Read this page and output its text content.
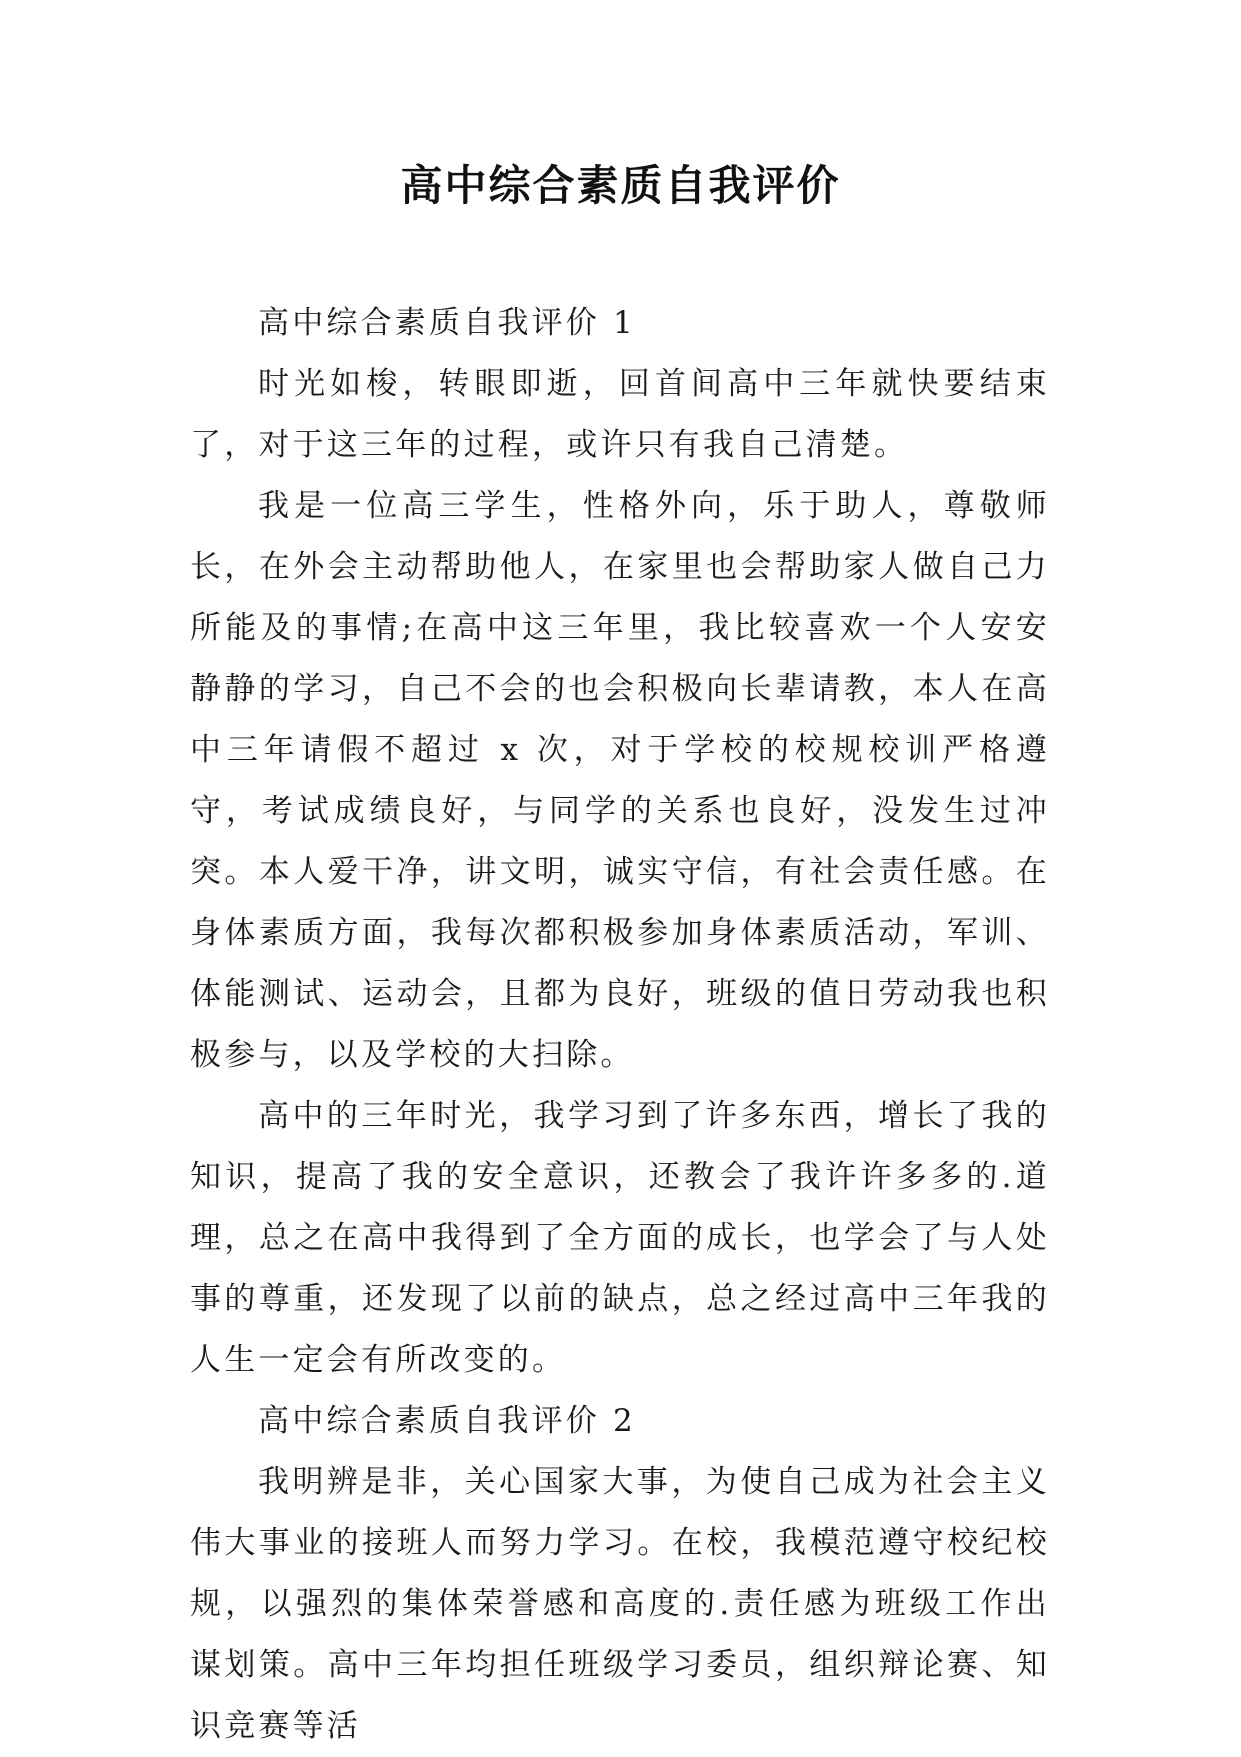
高中综合素质自我评价

高中综合素质自我评价 1

时光如梭，转眼即逝，回首间高中三年就快要结束了，对于这三年的过程，或许只有我自己清楚。

我是一位高三学生，性格外向，乐于助人，尊敬师长，在外会主动帮助他人，在家里也会帮助家人做自己力所能及的事情;在高中这三年里，我比较喜欢一个人安安静静的学习，自己不会的也会积极向长辈请教，本人在高中三年请假不超过 x 次，对于学校的校规校训严格遵守，考试成绩良好，与同学的关系也良好，没发生过冲突。本人爱干净，讲文明，诚实守信，有社会责任感。在身体素质方面，我每次都积极参加身体素质活动，军训、体能测试、运动会，且都为良好，班级的值日劳动我也积极参与，以及学校的大扫除。

高中的三年时光，我学习到了许多东西，增长了我的知识，提高了我的安全意识，还教会了我许许多多的.道理，总之在高中我得到了全方面的成长，也学会了与人处事的尊重，还发现了以前的缺点，总之经过高中三年我的人生一定会有所改变的。

高中综合素质自我评价 2

我明辨是非，关心国家大事，为使自己成为社会主义伟大事业的接班人而努力学习。在校，我模范遵守校纪校规，以强烈的集体荣誉感和高度的.责任感为班级工作出谋划策。高中三年均担任班级学习委员，组织辩论赛、知识竞赛等活
